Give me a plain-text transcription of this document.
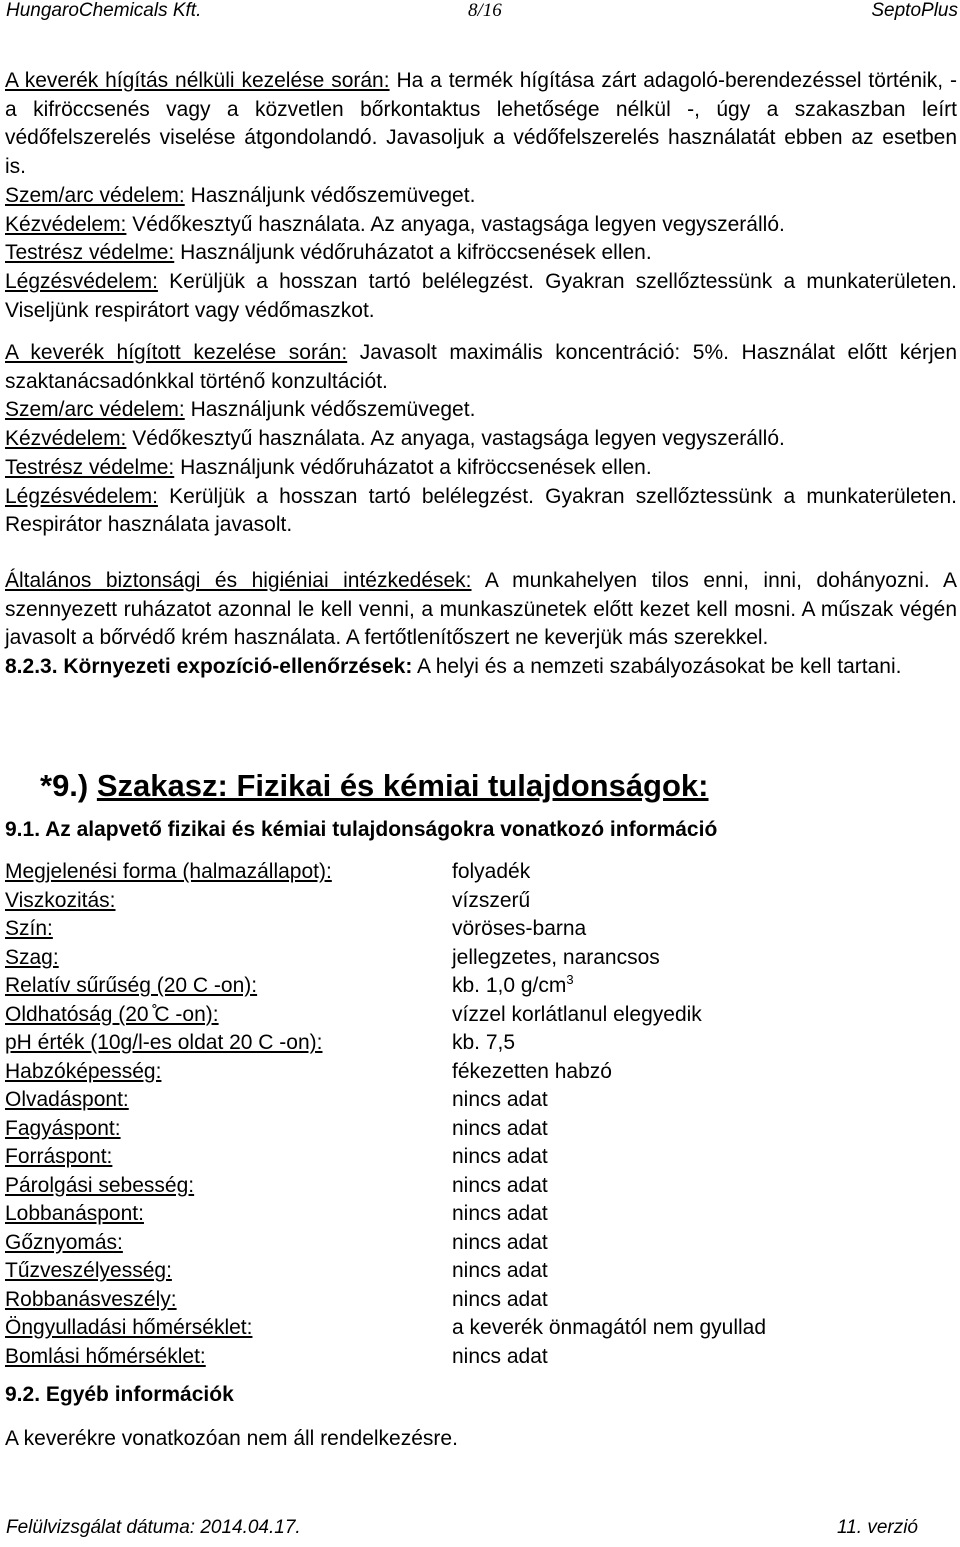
HungaroChemicals Kft.	8/16	SeptoPlus
A keverék hígítás nélküli kezelése során: Ha a termék hígítása zárt adagoló-berendezéssel történik, - a kifröccsenés vagy a közvetlen bőrkontaktus lehetősége nélkül -, úgy a szakaszban leírt védőfelszerelés viselése átgondolandó. Javasoljuk a védőfelszerelés használatát ebben az esetben is.
Szem/arc védelem: Használjunk védőszemüveget.
Kézvédelem: Védőkesztyű használata. Az anyaga, vastagsága legyen vegyszerálló.
Testrész védelme: Használjunk védőruházatot a kifröccsenések ellen.
Légzésvédelem: Kerüljük a hosszan tartó belélegzést. Gyakran szellőztessünk a munkaterületen. Viseljünk respirátort vagy védőmaszkot.
A keverék hígított kezelése során: Javasolt maximális koncentráció: 5%. Használat előtt kérjen szaktanácsadónkkal történő konzultációt.
Szem/arc védelem: Használjunk védőszemüveget.
Kézvédelem: Védőkesztyű használata. Az anyaga, vastagsága legyen vegyszerálló.
Testrész védelme: Használjunk védőruházatot a kifröccsenések ellen.
Légzésvédelem: Kerüljük a hosszan tartó belélegzést. Gyakran szellőztessünk a munkaterületen. Respirátor használata javasolt.
Általános biztonsági és higiéniai intézkedések: A munkahelyen tilos enni, inni, dohányozni. A szennyezett ruházatot azonnal le kell venni, a munkaszünetek előtt kezet kell mosni. A műszak végén javasolt a bőrvédő krém használata. A fertőtlenítőszert ne keverjük más szerekkel.
8.2.3. Környezeti expozíció-ellenőrzések: A helyi és a nemzeti szabályozásokat be kell tartani.
*9.) Szakasz: Fizikai és kémiai tulajdonságok:
9.1. Az alapvető fizikai és kémiai tulajdonságokra vonatkozó információ
Megjelenési forma (halmazállapot):	folyadék
Viszkozitás:	vízszerű
Szín:	vöröses-barna
Szag:	jellegzetes, narancsos
Relatív sűrűség (20 C -on):	kb. 1,0 $g/cm^3$
Oldhatóság (20 ̊C -on):	vízzel korlátlanul elegyedik
pH érték (10g/l-es oldat 20 C -on):	kb. 7,5
Habzóképesség:	fékezetten habzó
Olvadáspont:	nincs adat
Fagyáspont:	nincs adat
Forráspont:	nincs adat
Párolgási sebesség:	nincs adat
Lobbanáspont:	nincs adat
Gőznyomás:	nincs adat
Tűzveszélyesség:	nincs adat
Robbanásveszély:	nincs adat
Öngyulladási hőmérséklet:	a keverék önmagától nem gyullad
Bomlási hőmérséklet:	nincs adat
9.2. Egyéb információk
A keverékre vonatkozóan nem áll rendelkezésre.
Felülvizsgálat dátuma: 2014.04.17.	11. verzió
